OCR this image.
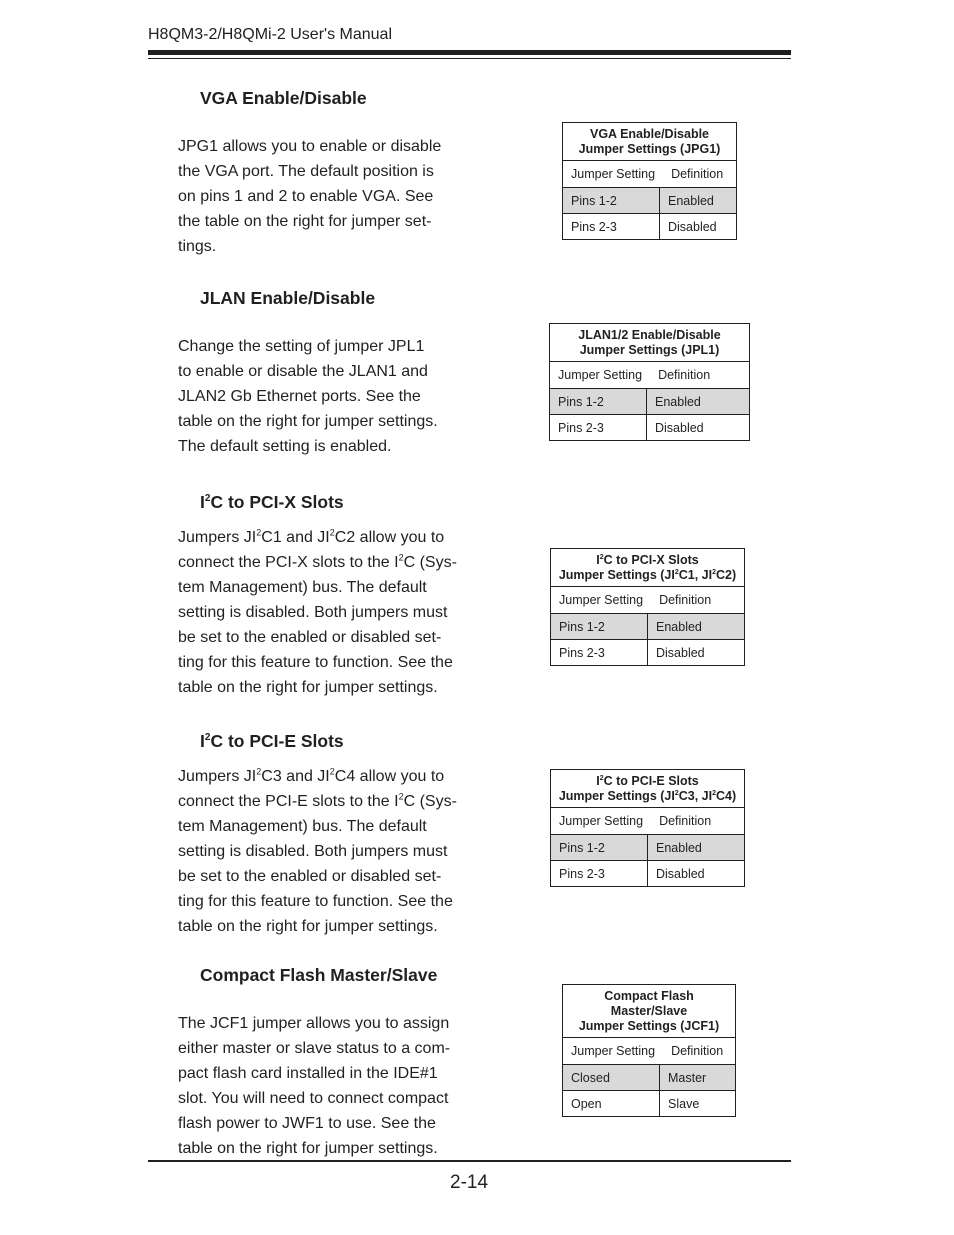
H8QM3-2/H8QMi-2 User's Manual
VGA Enable/Disable
JPG1 allows you to enable or disable
the VGA port. The default position is
on pins 1 and 2 to enable VGA. See
the table on the right for jumper set-
tings.
VGA Enable/Disable
Jumper Settings (JPG1)
Jumper Setting	Definition
Pins 1-2	Enabled
Pins 2-3	Disabled
JLAN Enable/Disable
Change the setting of jumper JPL1
to enable or disable the JLAN1 and
JLAN2 Gb Ethernet ports. See the
table on the right for jumper settings.
The default setting is enabled.
JLAN1/2 Enable/Disable
Jumper Settings (JPL1)
Jumper Setting	Definition
Pins 1-2	Enabled
Pins 2-3	Disabled
$I^2C$ to PCI-X Slots
Jumpers $JI^2C1$ and $JI^2C2$ allow you to
connect the PCI-X slots to the $I^2C$ (Sys-
tem Management) bus. The default
setting is disabled. Both jumpers must
be set to the enabled or disabled set-
ting for this feature to function. See the
table on the right for jumper settings.
$I^2C$ to PCI-X Slots
Jumper Settings ($JI^2C1$, $JI^2C2$)
Jumper Setting	Definition
Pins 1-2	Enabled
Pins 2-3	Disabled
$I^2C$ to PCI-E Slots
Jumpers $JI^2C3$ and $JI^2C4$ allow you to
connect the PCI-E slots to the $I^2C$ (Sys-
tem Management) bus. The default
setting is disabled. Both jumpers must
be set to the enabled or disabled set-
ting for this feature to function. See the
table on the right for jumper settings.
$I^2C$ to PCI-E Slots
Jumper Settings ($JI^2C3$, $JI^2C4$)
Jumper Setting	Definition
Pins 1-2	Enabled
Pins 2-3	Disabled
Compact Flash Master/Slave
The JCF1 jumper allows you to assign
either master or slave status to a com-
pact flash card installed in the IDE#1
slot. You will need to connect compact
flash power to JWF1 to use. See the
table on the right for jumper settings.
Compact Flash
Master/Slave
Jumper Settings (JCF1)
Jumper Setting	Definition
Closed	Master
Open	Slave
2-14
